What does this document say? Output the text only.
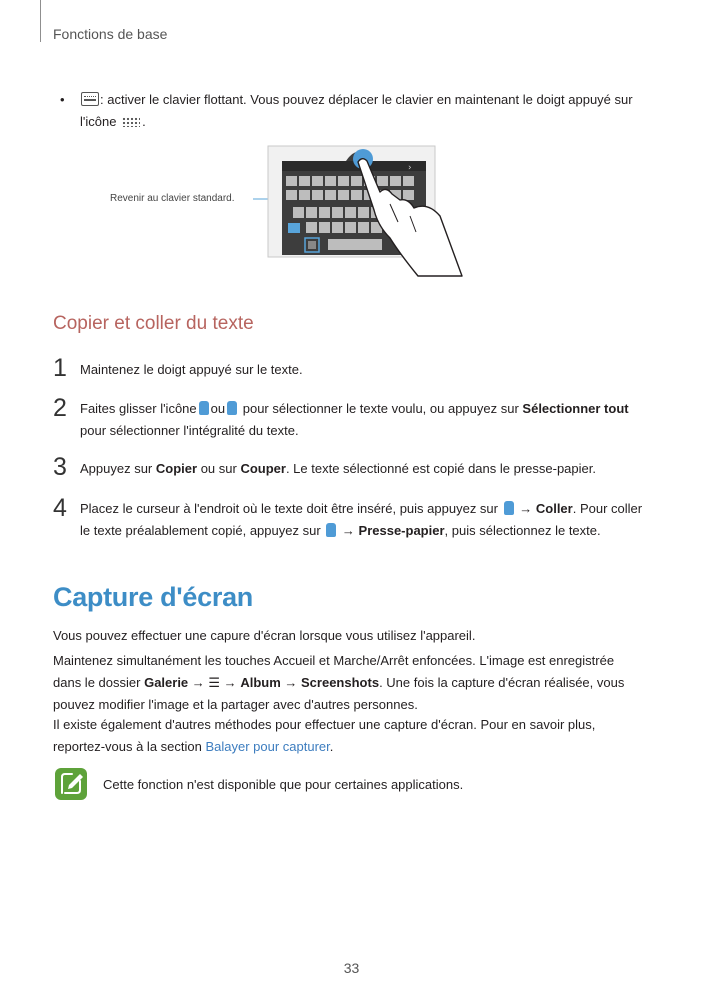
Fonctions de base
•	: activer le clavier flottant. Vous pouvez déplacer le clavier en maintenant le doigt appuyé sur
l'icône .
Revenir au clavier standard.
›
Copier et coller du texte
1 Maintenez le doigt appuyé sur le texte.
2 Faites glisser l'icône ou pour sélectionner le texte voulu, ou appuyez sur Sélectionner tout
pour sélectionner l'intégralité du texte.
3 Appuyez sur Copier ou sur Couper. Le texte sélectionné est copié dans le presse-papier.
4 Placez le curseur à l'endroit où le texte doit être inséré, puis appuyez sur → Coller. Pour coller
le texte préalablement copié, appuyez sur → Presse-papier, puis sélectionnez le texte.
Capture d'écran
Vous pouvez effectuer une capure d'écran lorsque vous utilisez l'appareil.
Maintenez simultanément les touches Accueil et Marche/Arrêt enfoncées. L'image est enregistrée
dans le dossier Galerie → ☰ → Album → Screenshots. Une fois la capture d'écran réalisée, vous
pouvez modifier l'image et la partager avec d'autres personnes.
Il existe également d'autres méthodes pour effectuer une capture d'écran. Pour en savoir plus,
reportez-vous à la section Balayer pour capturer.
Cette fonction n'est disponible que pour certaines applications.
33
